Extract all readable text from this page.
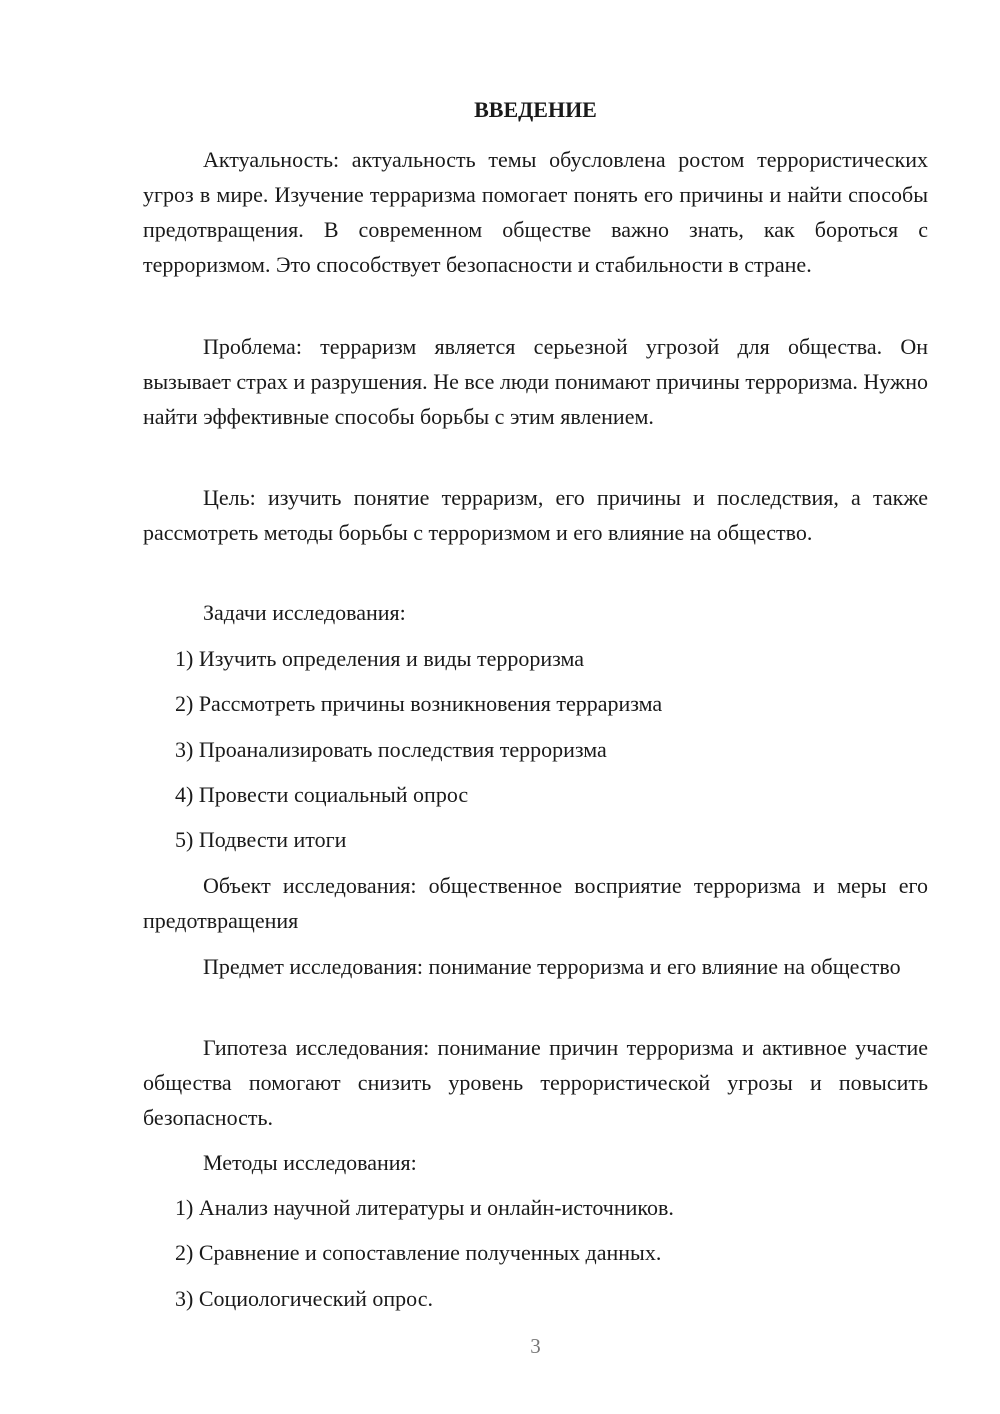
ВВЕДЕНИЕ

Актуальность: актуальность темы обусловлена ростом террористических угроз в мире. Изучение терраризма помогает понять его причины и найти способы предотвращения. В современном обществе важно знать, как бороться с терроризмом. Это способствует безопасности и стабильности в стране.

Проблема: терраризм является серьезной угрозой для общества. Он вызывает страх и разрушения. Не все люди понимают причины терроризма. Нужно найти эффективные способы борьбы с этим явлением.

Цель: изучить понятие терраризм, его причины и последствия, а также рассмотреть методы борьбы с терроризмом и его влияние на общество.

Задачи исследования:

1) Изучить определения и виды терроризма

2) Рассмотреть причины возникновения терраризма

3) Проанализировать последствия терроризма

4) Провести социальный опрос

5) Подвести итоги

Объект исследования: общественное восприятие терроризма и меры его предотвращения

Предмет исследования: понимание терроризма и его влияние на общество

Гипотеза исследования: понимание причин терроризма и активное участие общества помогают снизить уровень террористической угрозы и повысить безопасность.

Методы исследования:

1) Анализ научной литературы и онлайн-источников.

2) Сравнение и сопоставление полученных данных.

3) Социологический опрос.

3
